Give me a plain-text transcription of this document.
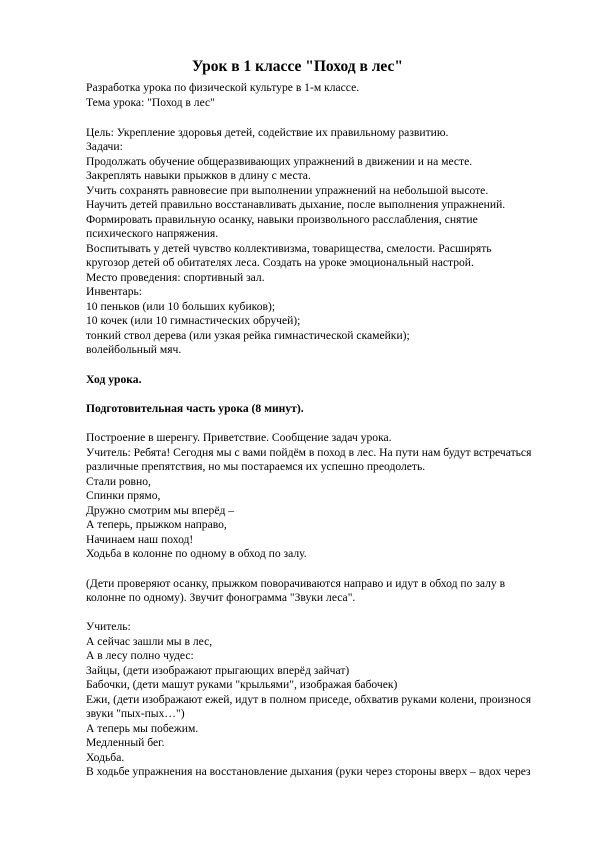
Урок в 1 классе "Поход в лес"
Разработка урока по физической культуре в 1-м классе.
Тема урока: "Поход в лес"
Цель: Укрепление здоровья детей, содействие их правильному развитию.
Задачи:
Продолжать обучение общеразвивающих упражнений в движении и на месте.
Закреплять навыки прыжков в длину с места.
Учить сохранять равновесие при выполнении упражнений на небольшой высоте.
Научить детей правильно восстанавливать дыхание, после выполнения упражнений.
Формировать правильную осанку, навыки произвольного расслабления, снятие
психического напряжения.
Воспитывать у детей чувство коллективизма, товарищества, смелости. Расширять
кругозор детей об обитателях леса. Создать на уроке эмоциональный настрой.
Место проведения: спортивный зал.
Инвентарь:
10 пеньков (или 10 больших кубиков);
10 кочек (или 10 гимнастических обручей);
тонкий ствол дерева (или узкая рейка гимнастической скамейки);
волейбольный мяч.
Ход урока.
Подготовительная часть урока (8 минут).
Построение в шеренгу. Приветствие. Сообщение задач урока.
Учитель: Ребята! Сегодня мы с вами пойдём в поход в лес. На пути нам будут встречаться
различные препятствия, но мы постараемся их успешно преодолеть.
Стали ровно,
Спинки прямо,
Дружно смотрим мы вперёд –
А теперь, прыжком направо,
Начинаем наш поход!
Ходьба в колонне по одному в обход по залу.
(Дети проверяют осанку, прыжком поворачиваются направо и идут в обход по залу в
колонне по одному). Звучит фонограмма "Звуки леса".
Учитель:
А сейчас зашли мы в лес,
А в лесу полно чудес:
Зайцы, (дети изображают прыгающих вперёд зайчат)
Бабочки, (дети машут руками "крыльями", изображая бабочек)
Ежи, (дети изображают ежей, идут в полном приседе, обхватив руками колени, произнося
звуки "пых-пых…")
А теперь мы побежим.
Медленный бег.
Ходьба.
В ходьбе упражнения на восстановление дыхания (руки через стороны вверх – вдох через
